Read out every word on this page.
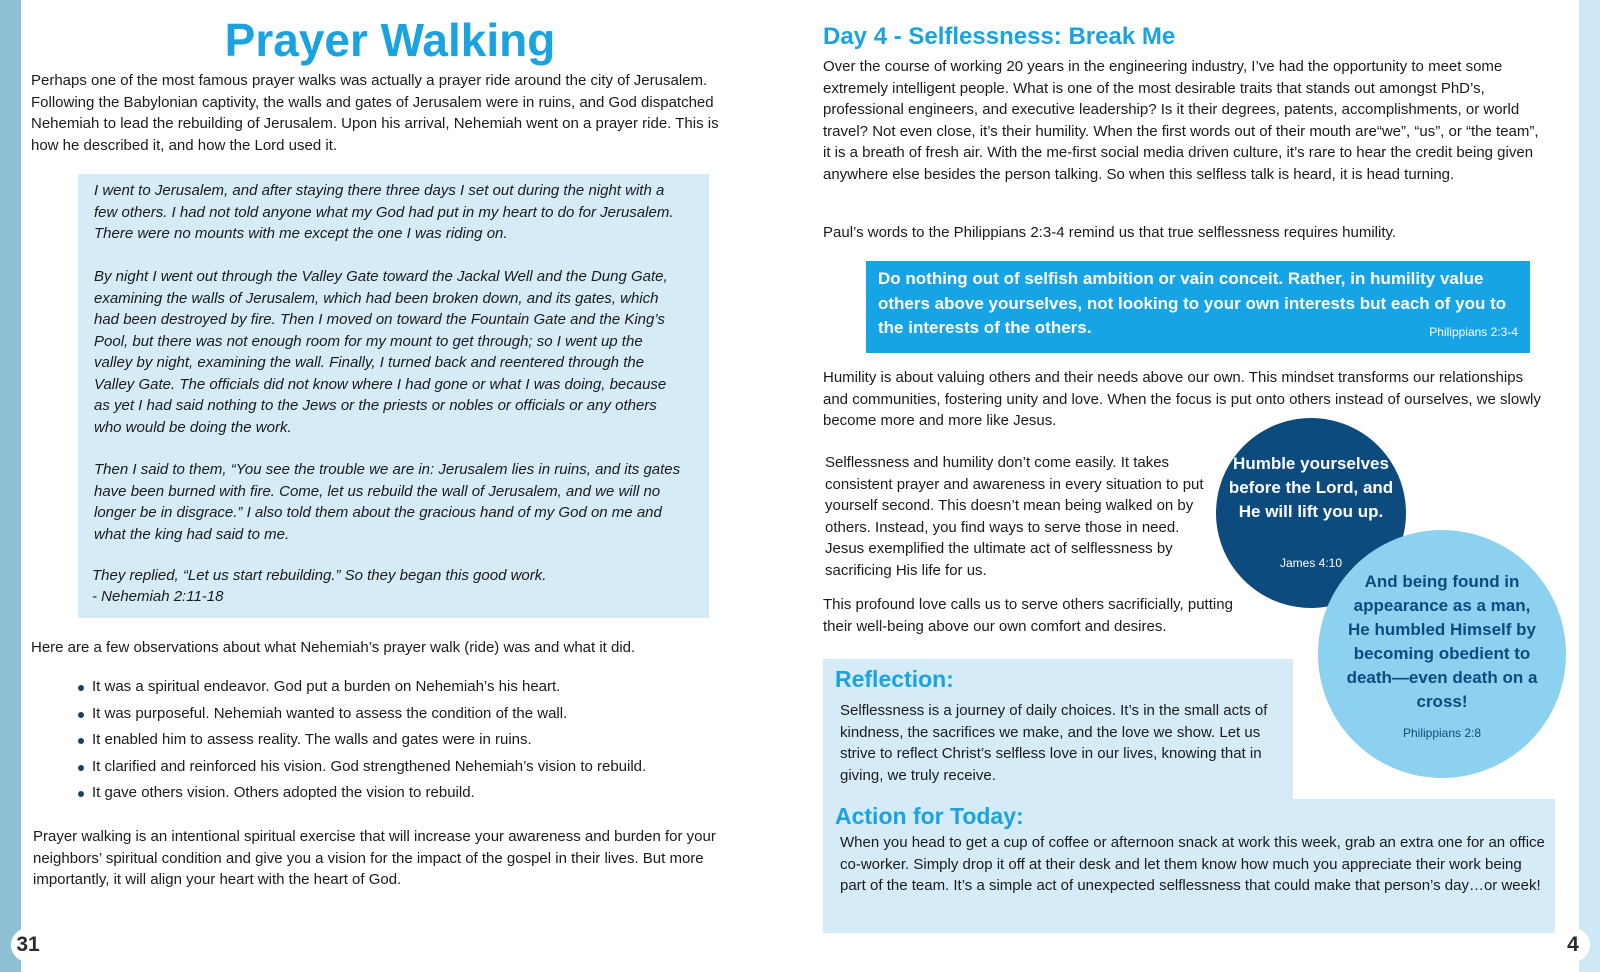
Prayer Walking

Perhaps one of the most famous prayer walks was actually a prayer ride around the city of Jerusalem. Following the Babylonian captivity, the walls and gates of Jerusalem were in ruins, and God dispatched Nehemiah to lead the rebuilding of Jerusalem. Upon his arrival, Nehemiah went on a prayer ride. This is how he described it, and how the Lord used it.

I went to Jerusalem, and after staying there three days I set out during the night with a few others. I had not told anyone what my God had put in my heart to do for Jerusalem. There were no mounts with me except the one I was riding on.

By night I went out through the Valley Gate toward the Jackal Well and the Dung Gate, examining the walls of Jerusalem, which had been broken down, and its gates, which had been destroyed by fire. Then I moved on toward the Fountain Gate and the King’s Pool, but there was not enough room for my mount to get through; so I went up the valley by night, examining the wall. Finally, I turned back and reentered through the Valley Gate. The officials did not know where I had gone or what I was doing, because as yet I had said nothing to the Jews or the priests or nobles or officials or any others who would be doing the work.

Then I said to them, “You see the trouble we are in: Jerusalem lies in ruins, and its gates have been burned with fire. Come, let us rebuild the wall of Jerusalem, and we will no longer be in disgrace.” I also told them about the gracious hand of my God on me and what the king had said to me.

They replied, “Let us start rebuilding.” So they began this good work.

- Nehemiah 2:11-18

Here are a few observations about what Nehemiah’s prayer walk (ride) was and what it did.

It was a spiritual endeavor. God put a burden on Nehemiah’s his heart.
It was purposeful. Nehemiah wanted to assess the condition of the wall.
It enabled him to assess reality. The walls and gates were in ruins.
It clarified and reinforced his vision. God strengthened Nehemiah’s vision to rebuild.
It gave others vision. Others adopted the vision to rebuild.

Prayer walking is an intentional spiritual exercise that will increase your awareness and burden for your neighbors’ spiritual condition and give you a vision for the impact of the gospel in their lives. But more importantly, it will align your heart with the heart of God.

31
Day 4 - Selflessness: Break Me

Over the course of working 20 years in the engineering industry, I’ve had the opportunity to meet some extremely intelligent people. What is one of the most desirable traits that stands out amongst PhD’s, professional engineers, and executive leadership? Is it their degrees, patents, accomplishments, or world travel? Not even close, it’s their humility. When the first words out of their mouth are“we”, “us”, or “the team”, it is a breath of fresh air. With the me-first social media driven culture, it’s rare to hear the credit being given anywhere else besides the person talking. So when this selfless talk is heard, it is head turning.

Paul’s words to the Philippians 2:3-4 remind us that true selflessness requires humility.

Do nothing out of selfish ambition or vain conceit. Rather, in humility value others above yourselves, not looking to your own interests but each of you to the interests of the others.	Philippians 2:3-4

Humility is about valuing others and their needs above our own. This mindset transforms our relationships and communities, fostering unity and love. When the focus is put onto others instead of ourselves, we slowly become more and more like Jesus.

Selflessness and humility don’t come easily. It takes consistent prayer and awareness in every situation to put yourself second. This doesn’t mean being walked on by others. Instead, you find ways to serve those in need. Jesus exemplified the ultimate act of selflessness by sacrificing His life for us.

This profound love calls us to serve others sacrificially, putting their well-being above our own comfort and desires.

Reflection:

Selflessness is a journey of daily choices. It’s in the small acts of kindness, the sacrifices we make, and the love we show. Let us strive to reflect Christ’s selfless love in our lives, knowing that in giving, we truly receive.

Action for Today:

When you head to get a cup of coffee or afternoon snack at work this week, grab an extra one for an office co-worker. Simply drop it off at their desk and let them know how much you appreciate their work being part of the team. It’s a simple act of unexpected selflessness that could make that person’s day…or week!

Humble yourselves before the Lord, and He will lift you up.
James 4:10
And being found in appearance as a man, He humbled Himself by becoming obedient to death—even death on a cross!
Philippians 2:8
4
